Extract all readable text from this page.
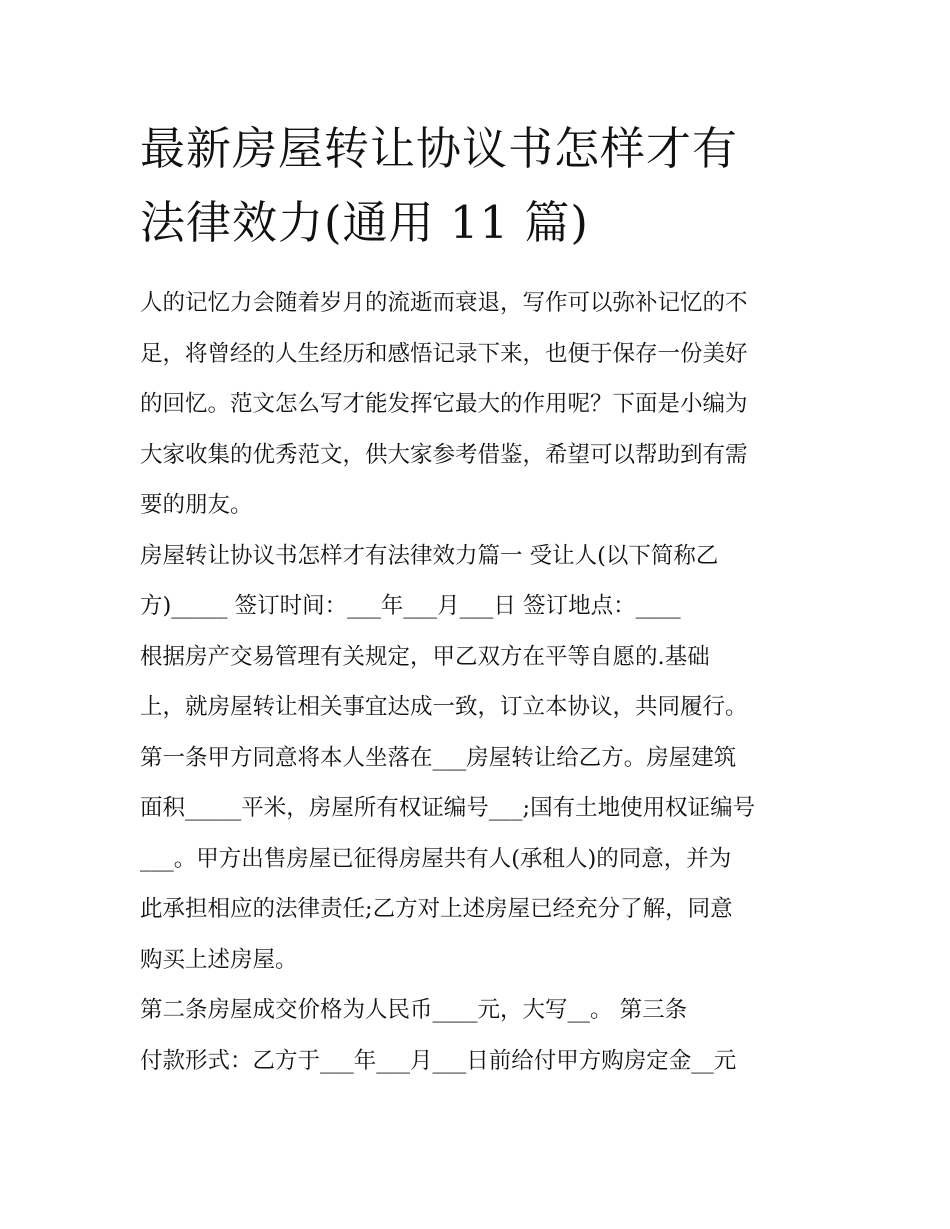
最新房屋转让协议书怎样才有
法律效力(通用 11 篇)
人的记忆力会随着岁月的流逝而衰退，写作可以弥补记忆的不
足，将曾经的人生经历和感悟记录下来，也便于保存一份美好
的回忆。范文怎么写才能发挥它最大的作用呢？下面是小编为
大家收集的优秀范文，供大家参考借鉴，希望可以帮助到有需
要的朋友。
房屋转让协议书怎样才有法律效力篇一 受让人(以下简称乙
方)_____ 签订时间：___年___月___日 签订地点：____
根据房产交易管理有关规定，甲乙双方在平等自愿的.基础
上，就房屋转让相关事宜达成一致，订立本协议，共同履行。
第一条甲方同意将本人坐落在___房屋转让给乙方。房屋建筑
面积_____平米，房屋所有权证编号___;国有土地使用权证编号
___。甲方出售房屋已征得房屋共有人(承租人)的同意，并为
此承担相应的法律责任;乙方对上述房屋已经充分了解，同意
购买上述房屋。
第二条房屋成交价格为人民币____元，大写__。 第三条
付款形式：乙方于___年___月___日前给付甲方购房定金__元
